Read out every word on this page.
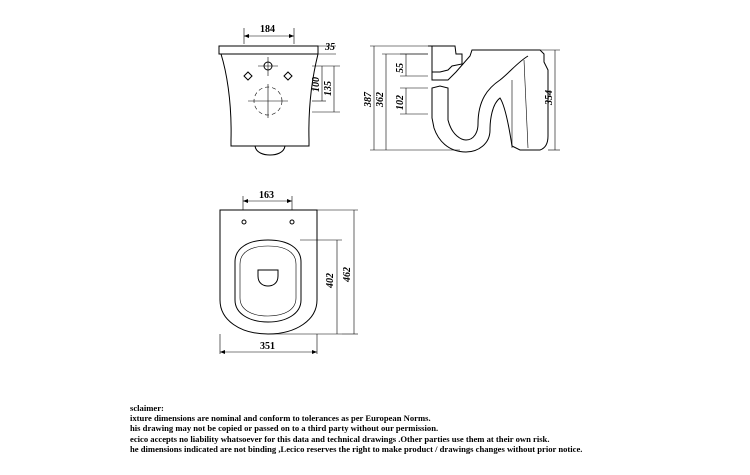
184
35
100 135
387 362
55
102	354
163
402 462
351
sclaimer:
ixture dimensions are nominal and conform to tolerances as per European Norms.
his drawing may not be copied or passed on to a third party without our permission.
ecico accepts no liability whatsoever for this data and technical drawings .Other parties use them at their own risk.
he dimensions indicated are not binding ,Lecico reserves the right to make product / drawings changes without prior notice.
